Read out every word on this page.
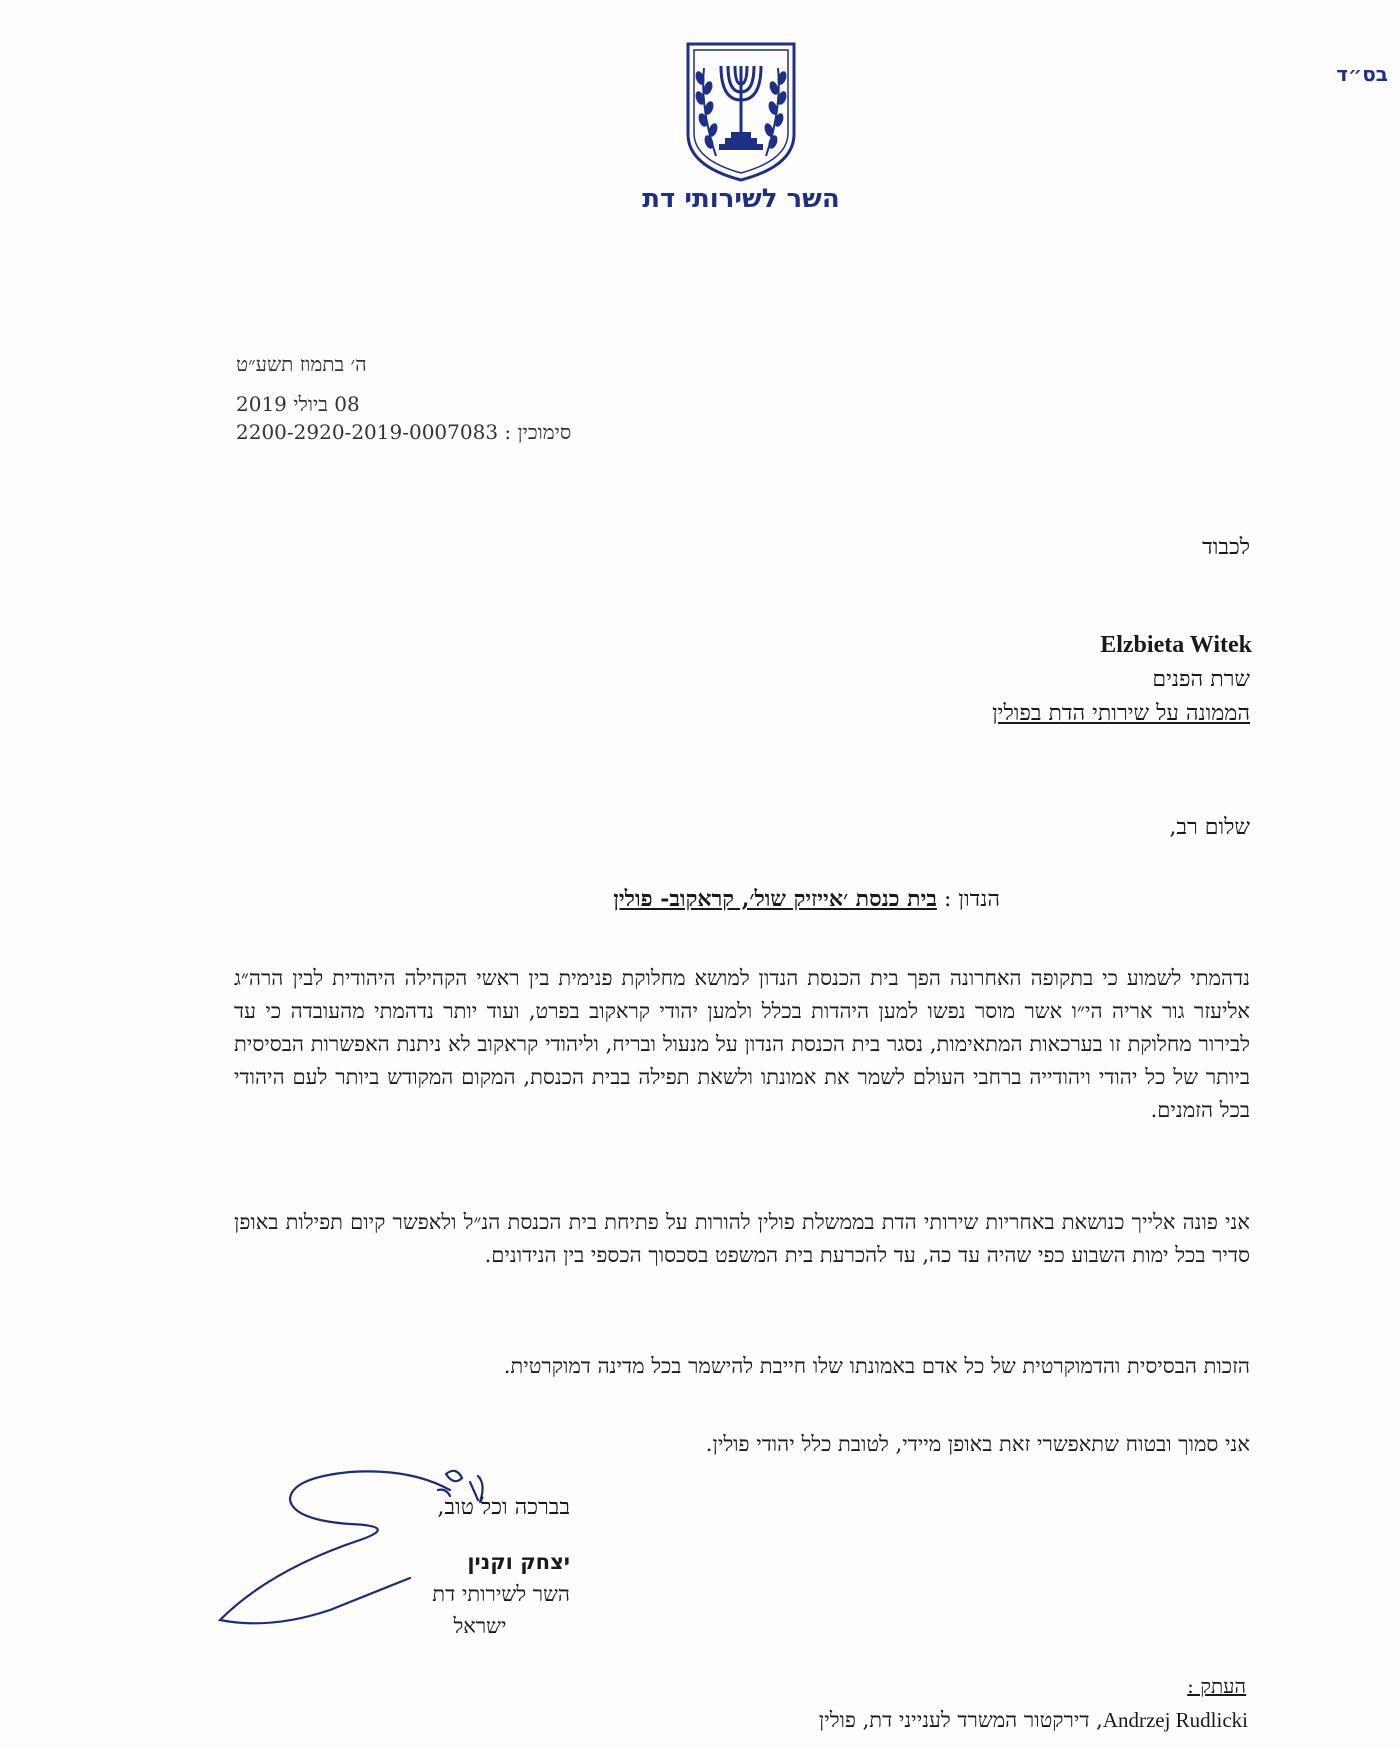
בס״ד
השר לשירותי דת
ה׳ בתמוז תשע״ט
08 ביולי 2019
2200-2920-2019-0007083 סימוכין :
לכבוד
Elzbieta Witek
שרת הפנים
הממונה על שירותי הדת בפולין
שלום רב,
הנדון : בית כנסת ׳אייזיק שול׳, קראקוב- פולין
נדהמתי לשמוע כי בתקופה האחרונה הפך בית הכנסת הנדון למושא מחלוקת פנימית בין ראשי הקהילה היהודית לבין הרה״ג אליעזר גור אריה הי״ו אשר מוסר נפשו למען היהדות בכלל ולמען יהודי קראקוב בפרט, ועוד יותר נדהמתי מהעובדה כי עד לבירור מחלוקת זו בערכאות המתאימות, נסגר בית הכנסת הנדון על מנעול ובריח, וליהודי קראקוב לא ניתנת האפשרות הבסיסית ביותר של כל יהודי ויהודייה ברחבי העולם לשמר את אמונתו ולשאת תפילה בבית הכנסת, המקום המקודש ביותר לעם היהודי בכל הזמנים.
אני פונה אלייך כנושאת באחריות שירותי הדת בממשלת פולין להורות על פתיחת בית הכנסת הנ״ל ולאפשר קיום תפילות באופן סדיר בכל ימות השבוע כפי שהיה עד כה, עד להכרעת בית המשפט בסכסוך הכספי בין הנידונים.
הזכות הבסיסית והדמוקרטית של כל אדם באמונתו שלו חייבת להישמר בכל מדינה דמוקרטית.
אני סמוך ובטוח שתאפשרי זאת באופן מיידי, לטובת כלל יהודי פולין.
בברכה וכל טוב,
יצחק וקנין
השר לשירותי דת
ישראל
העתק :
Andrzej Rudlicki, דירקטור המשרד לענייני דת, פולין
